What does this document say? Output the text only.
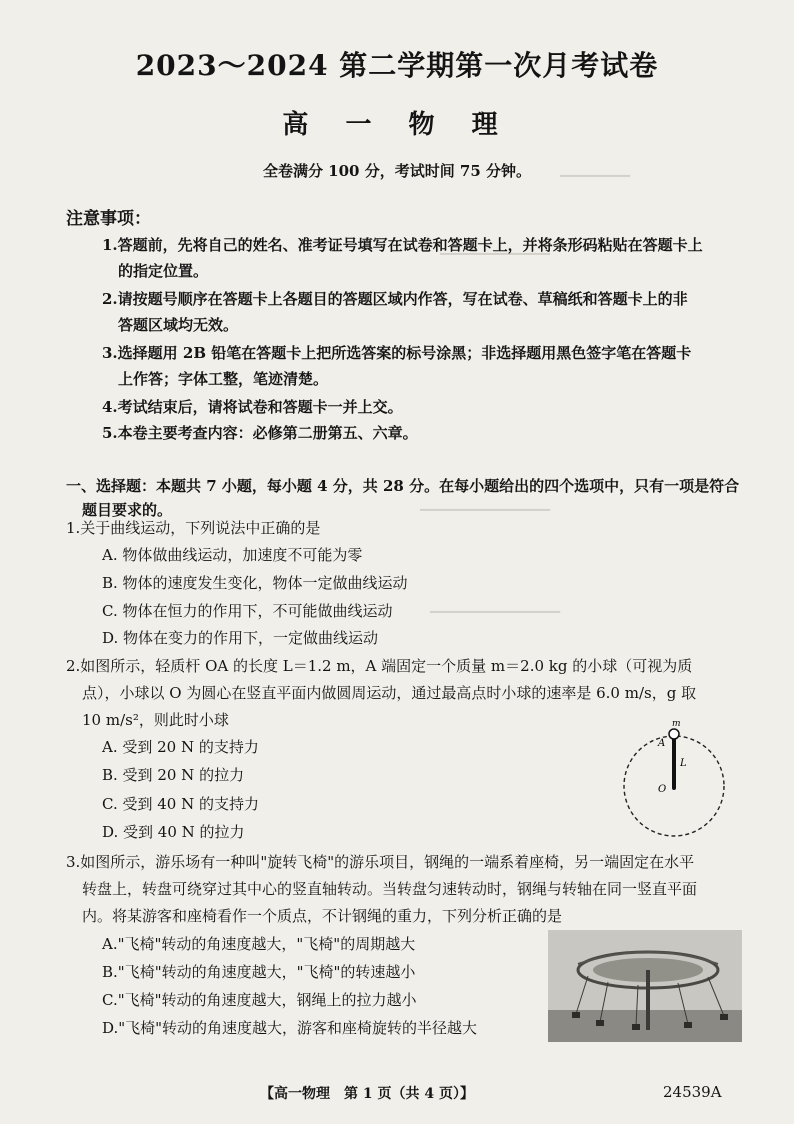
▔▔▔▔▔▔▔
▔▔▔▔▔▔▔▔▔▔▔
▔▔▔▔▔▔▔▔▔▔▔▔▔
▔▔▔▔▔▔▔▔▔▔▔▔▔
2023～2024 第二学期第一次月考试卷
高 一 物 理
全卷满分 100 分，考试时间 75 分钟。
注意事项：
1.答题前，先将自己的姓名、准考证号填写在试卷和答题卡上，并将条形码粘贴在答题卡上
的指定位置。
2.请按题号顺序在答题卡上各题目的答题区域内作答，写在试卷、草稿纸和答题卡上的非
答题区域均无效。
3.选择题用 2B 铅笔在答题卡上把所选答案的标号涂黑；非选择题用黑色签字笔在答题卡
上作答；字体工整，笔迹清楚。
4.考试结束后，请将试卷和答题卡一并上交。
5.本卷主要考查内容：必修第二册第五、六章。
一、选择题：本题共 7 小题，每小题 4 分，共 28 分。在每小题给出的四个选项中，只有一项是符合
题目要求的。
1.关于曲线运动，下列说法中正确的是
A. 物体做曲线运动，加速度不可能为零
B. 物体的速度发生变化，物体一定做曲线运动
C. 物体在恒力的作用下，不可能做曲线运动
D. 物体在变力的作用下，一定做曲线运动
2.如图所示，轻质杆 OA 的长度 L＝1.2 m，A 端固定一个质量 m＝2.0 kg 的小球（可视为质
点），小球以 O 为圆心在竖直平面内做圆周运动，通过最高点时小球的速率是 6.0 m/s，g 取
10 m/s²，则此时小球
A. 受到 20 N 的支持力
B. 受到 20 N 的拉力
C. 受到 40 N 的支持力
D. 受到 40 N 的拉力
m
A
L
O
3.如图所示，游乐场有一种叫"旋转飞椅"的游乐项目，钢绳的一端系着座椅，另一端固定在水平
转盘上，转盘可绕穿过其中心的竖直轴转动。当转盘匀速转动时，钢绳与转轴在同一竖直平面
内。将某游客和座椅看作一个质点，不计钢绳的重力，下列分析正确的是
A."飞椅"转动的角速度越大，"飞椅"的周期越大
B."飞椅"转动的角速度越大，"飞椅"的转速越小
C."飞椅"转动的角速度越大，钢绳上的拉力越小
D."飞椅"转动的角速度越大，游客和座椅旋转的半径越大
【高一物理　第 1 页（共 4 页）】	24539A
